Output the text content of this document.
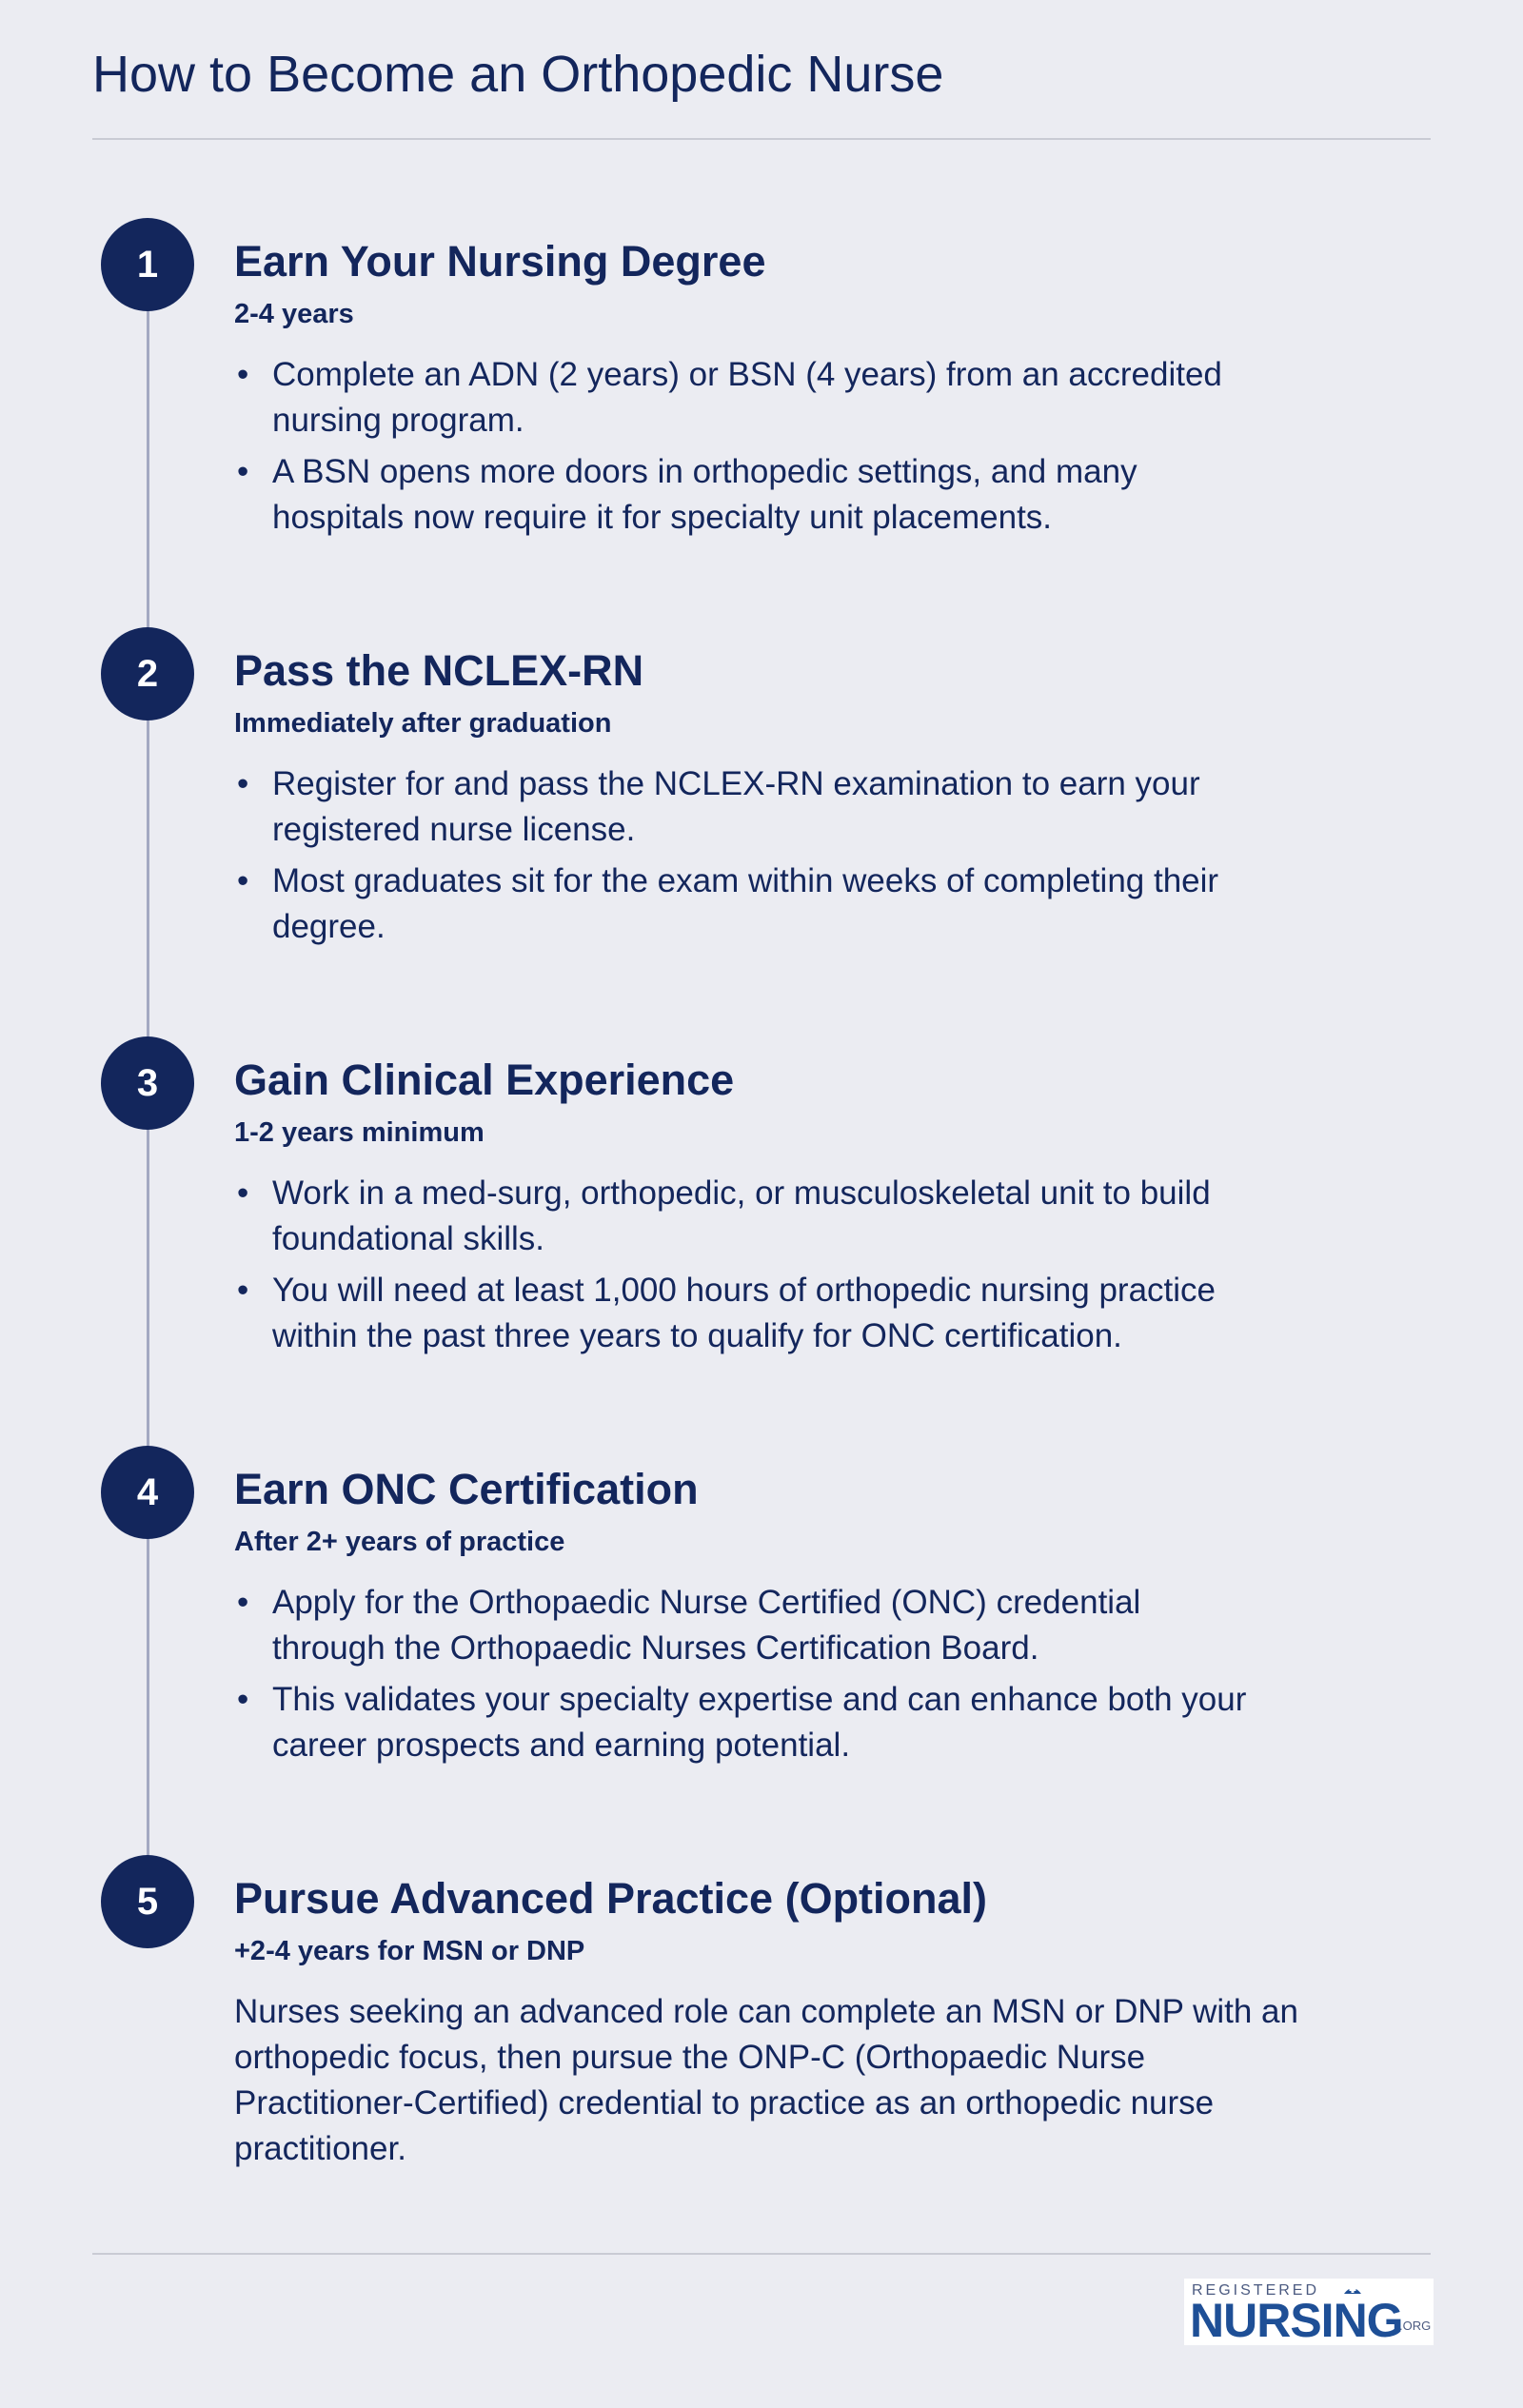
How to Become an Orthopedic Nurse
1	Earn Your Nursing Degree
2-4 years
• Complete an ADN (2 years) or BSN (4 years) from an accredited nursing program.
• A BSN opens more doors in orthopedic settings, and many hospitals now require it for specialty unit placements.
2	Pass the NCLEX-RN
Immediately after graduation
• Register for and pass the NCLEX-RN examination to earn your registered nurse license.
• Most graduates sit for the exam within weeks of completing their degree.
3	Gain Clinical Experience
1-2 years minimum
• Work in a med-surg, orthopedic, or musculoskeletal unit to build foundational skills.
• You will need at least 1,000 hours of orthopedic nursing practice within the past three years to qualify for ONC certification.
4	Earn ONC Certification
After 2+ years of practice
• Apply for the Orthopaedic Nurse Certified (ONC) credential through the Orthopaedic Nurses Certification Board.
• This validates your specialty expertise and can enhance both your career prospects and earning potential.
5	Pursue Advanced Practice (Optional)
+2-4 years for MSN or DNP

Nurses seeking an advanced role can complete an MSN or DNP with an orthopedic focus, then pursue the ONP-C (Orthopaedic Nurse Practitioner-Certified) credential to practice as an orthopedic nurse practitioner.

REGISTERED
NURSING
.ORG
